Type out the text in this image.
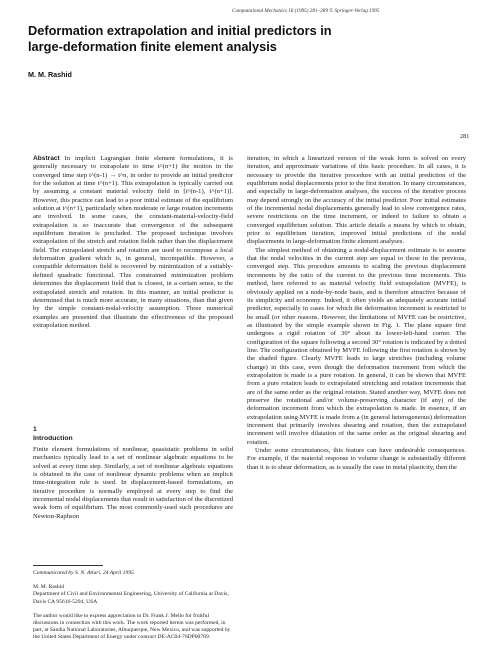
Computational Mechanics 16 (1995) 281–289 © Springer-Verlag 1995
Deformation extrapolation and initial predictors in
large-deformation finite element analysis
M. M. Rashid
281

Abstract In implicit Lagrangian finite element formulations, it is generally necessary to extrapolate to time t^(n+1) the motion in the converged time step t^(n-1) → t^n, in order to provide an initial predictor for the solution at time t^(n+1). This extrapolation is typically carried out by assuming a constant material velocity field in [t^(n-1), t^(n+1)]. However, this practice can lead to a poor initial estimate of the equilibrium solution at t^(n+1), particularly when moderate or large rotation increments are involved. In some cases, the constant-material-velocity-field extrapolation is so inaccurate that convergence of the subsequent equilibrium iteration is precluded. The proposed technique involves extrapolation of the stretch and rotation fields rather than the displacement field. The extrapolated stretch and rotation are used to recompose a local deformation gradient which is, in general, incompatible. However, a compatible deformation field is recovered by minimization of a suitably-defined quadratic functional. This constrained minimization problem determines the displacement field that is closest, in a certain sense, to the extrapolated stretch and rotation. In this manner, an initial predictor is determined that is much more accurate, in many situations, than that given by the simple constant-nodal-velocity assumption. Three numerical examples are presented that illustrate the effectiveness of the proposed extrapolation method.

1
Introduction

Finite element formulations of nonlinear, quasistatic problems in solid mechanics typically lead to a set of nonlinear algebraic equations to be solved at every time step. Similarly, a set of nonlinear algebraic equations is obtained in the case of nonlinear dynamic problems when an implicit time-integration rule is used. In displacement-based formulations, an iterative procedure is normally employed at every step to find the incremental nodal displacements that result in satisfaction of the discretized weak form of equilibrium. The most commonly-used such procedures are Newton-Raphson

Communicated by S. N. Atluri, 24 April 1995

M. M. Rashid

Department of Civil and Environmental Engineering, University of California at Davis, Davis CA 95616-5294, USA

The author would like to express appreciation to Dr. Frank J. Mello for fruitful discussions in connection with this work. The work reported herein was performed, in part, at Sandia National Laboratories, Albuquerque, New Mexico, and was supported by the United States Department of Energy under contract DE-AC04-76DP00789.

iteration, in which a linearized version of the weak form is solved on every iteration, and approximate variations of this basic procedure. In all cases, it is necessary to provide the iterative procedure with an initial prediction of the equilibrium nodal displacements prior to the first iteration. In many circumstances, and especially in large-deformation analyses, the success of the iterative process may depend strongly on the accuracy of the initial predictor. Poor initial estimates of the incremental nodal displacements generally lead to slow convergence rates, severe restrictions on the time increment, or indeed to failure to obtain a converged equilibrium solution. This article details a means by which to obtain, prior to equilibrium iteration, improved initial predictions of the nodal displacements in large-deformation finite element analyses.

The simplest method of obtaining a nodal-displacement estimate is to assume that the nodal velocities in the current step are equal to those in the previous, converged step. This procedure amounts to scaling the previous displacement increments by the ratio of the current to the previous time increments. This method, here referred to as material velocity field extrapolation (MVFE), is obviously applied on a node-by-node basis, and is therefore attractive because of its simplicity and economy. Indeed, it often yields an adequately accurate initial predictor, especially in cases for which the deformation increment is restricted to be small (or other reasons. However, the limitations of MVFE can be restrictive, as illustrated by the simple example shown in Fig. 1. The plane square first undergoes a rigid rotation of 30° about its lower-left-hand corner. The configuration of the square following a second 30° rotation is indicated by a dotted line. The configuration obtained by MVFE following the first rotation is shown by the shaded figure. Clearly MVFE leads to large stretches (including volume change) in this case, even though the deformation increment from which the extrapolation is made is a pure rotation. In general, it can be shown that MVFE from a pure rotation leads to extrapolated stretching and rotation increments that are of the same order as the original rotation. Stated another way, MVFE does not preserve the rotational and/or volume-preserving character (if any) of the deformation increment from which the extrapolation is made. In essence, if an extrapolation using MVFE is made from a (in general heterogeneous) deformation increment that primarily involves shearing and rotation, then the extrapolated increment will involve dilatation of the same order as the original shearing and rotation.

Under some circumstances, this feature can have undesirable consequences. For example, if the material response to volume change is substantially different than it is to shear deformation, as is usually the case in metal plasticity, then the
